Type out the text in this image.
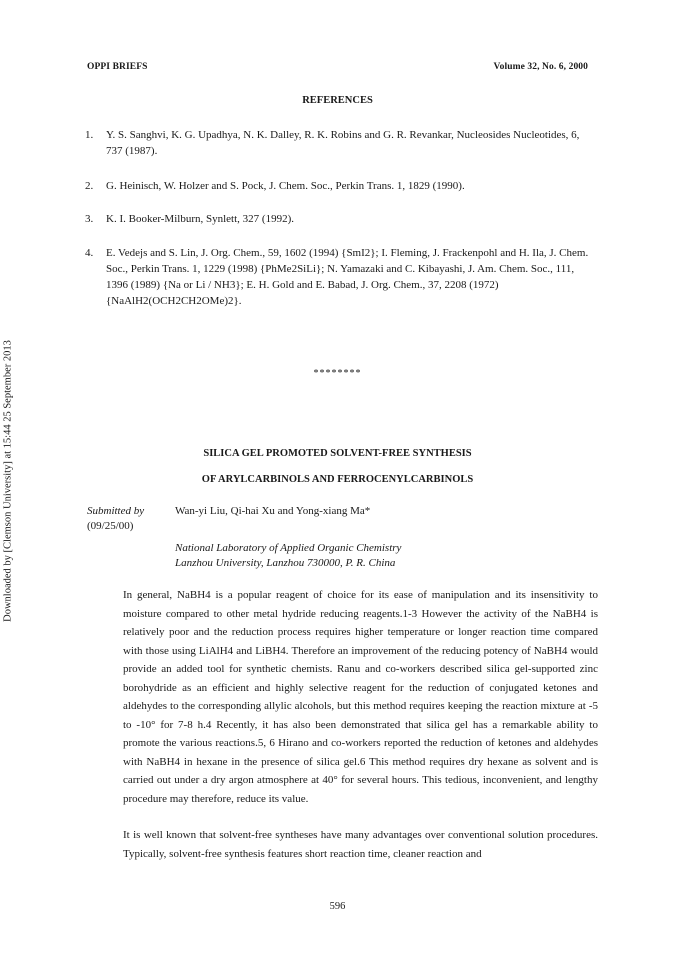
OPPI BRIEFS	Volume 32, No. 6, 2000
REFERENCES
1. Y. S. Sanghvi, K. G. Upadhya, N. K. Dalley, R. K. Robins and G. R. Revankar, Nucleosides Nucleotides, 6, 737 (1987).
2. G. Heinisch, W. Holzer and S. Pock, J. Chem. Soc., Perkin Trans. 1, 1829 (1990).
3. K. I. Booker-Milburn, Synlett, 327 (1992).
4. E. Vedejs and S. Lin, J. Org. Chem., 59, 1602 (1994) {SmI2}; I. Fleming, J. Frackenpohl and H. Ila, J. Chem. Soc., Perkin Trans. 1, 1229 (1998) {PhMe2SiLi}; N. Yamazaki and C. Kibayashi, J. Am. Chem. Soc., 111, 1396 (1989) {Na or Li / NH3}; E. H. Gold and E. Babad, J. Org. Chem., 37, 2208 (1972) {NaAlH2(OCH2CH2OMe)2}.
********
SILICA GEL PROMOTED SOLVENT-FREE SYNTHESIS
OF ARYLCARBINOLS AND FERROCENYLCARBINOLS
Submitted by
(09/25/00)
Wan-yi Liu, Qi-hai Xu and Yong-xiang Ma*
National Laboratory of Applied Organic Chemistry
Lanzhou University, Lanzhou 730000, P. R. China
In general, NaBH4 is a popular reagent of choice for its ease of manipulation and its insensitivity to moisture compared to other metal hydride reducing reagents.1-3 However the activity of the NaBH4 is relatively poor and the reduction process requires higher temperature or longer reaction time compared with those using LiAlH4 and LiBH4. Therefore an improvement of the reducing potency of NaBH4 would provide an added tool for synthetic chemists. Ranu and co-workers described silica gel-supported zinc borohydride as an efficient and highly selective reagent for the reduction of conjugated ketones and aldehydes to the corresponding allylic alcohols, but this method requires keeping the reaction mixture at -5 to -10° for 7-8 h.4 Recently, it has also been demonstrated that silica gel has a remarkable ability to promote the various reactions.5, 6 Hirano and co-workers reported the reduction of ketones and aldehydes with NaBH4 in hexane in the presence of silica gel.6 This method requires dry hexane as solvent and is carried out under a dry argon atmosphere at 40° for several hours. This tedious, inconvenient, and lengthy procedure may therefore, reduce its value.
It is well known that solvent-free syntheses have many advantages over conventional solution procedures. Typically, solvent-free synthesis features short reaction time, cleaner reaction and
596
Downloaded by [Clemson University] at 15:44 25 September 2013
